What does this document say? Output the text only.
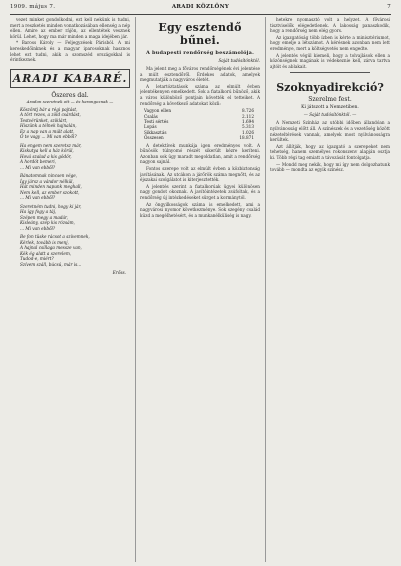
1909. május 7.	ARADI KÖZLÖNY	7

vezet minket gondolkodni, ezt kell nekünk is tudni, mert a reszketés minden vonatkozásában ellenség a nép ellen. Amire az ember rájön, az ellentétek vesznek körül. Lehet, hogy ma már minden a maga idejében jár.

* Baross Károly — Feljegyzések Párisból. A mi kereskedőinknek és a magyar iparosoknak hasznos lehet ezt tudni, akik a szomszéd országokkal is érintkeznek.

ARADI KABARÉ.
Öszeres dal.
Aradon szeretnek ott — és harangoznak —
Köszöntj bár a régi pajtást,
A tört rezes, a zöld csárdást,
Testvérünket, sziklárt,
Hiszünk a télnek hajnalán,
Ez a nap van a múlt alatt,
Ő te vagy ... Mi van ebből?
Ha engem nem szeretsz már,
Kiskutya kell a ház körül,
Hová szalad a kis gödör,
A hordót bemeri,
... Mi van ebből?
Bánatomnak nincsen vége,
Így jársz a vándor nélkül,
Hát minden napunk meghall,
Nem kell, az ember szokott,
... Mi van ebből?
Szeretném tudni, hogy ki jár,
Ha így fogy a táj,
Szépen megy a madár,
Kisleány, szép kis rózsám,
... Mi van ebből?
Be fon tüske rácsot a szívemnek,
Kérlek, tovább is menj,
A hajnal csillaga messze van,
Kék ég alatt a szerelem,
Tudod-e, miért?
Szívem száll, búcsú, már is...
Erőss.
Egy esztendő bűnei.
A budapesti rendőrség beszámolója.
Saját tudósítónktól.

Ma jelent meg a főváros rendőrségének évi jelentése a múlt esztendőről. Érdekes adatok, amelyek megmutatják a nagyváros életét.

A letartóztatások száma az elmúlt évben jelentékenyen emelkedett. Sok a fiatalkorú bűnöző, akik a város különböző pontjain követték el tetteiket. A rendőrség a következő adatokat közli:

Vagyon ellen	8.726
Csalás	2.112
Testi sértés	1.694
Lopás	5.313
Sikkasztás	1.026
Összesen	18.871

A detektívek munkája igen eredményes volt. A bűnösök túlnyomó részét sikerült kézre keríteni. Azonban sok ügy maradt megoldatlan, amit a rendőrség nagyon sajnál.

Fontos szerepe volt az elmúlt évben a közbiztonság javításának. Az utcákon a járőrök száma megnőtt, és az éjszakai szolgálatot is kiterjesztették.

A jelentés szerint a fiatalkorúak ügyei különösen nagy gondot okoznak. A javítóintézetek zsúfoltak, és a rendőrség új intézkedéseket sürget a kormánytól.

Az öngyilkosságok száma is emelkedett, ami a nagyvárosi nyomor következménye. Sok szegény család küzd a megélhetésért, és a munkanélküliség is nagy.

hetekre nyomasztó volt a helyzet. A fővárosi tisztviselők elégedetlenek. A lakosság panaszkodik, hogy a rendőrség nem elég gyors.

Az igazgatóság több ízben is kérte a minisztériumot, hogy emelje a létszámot. A kérésnek azonban nem lett eredménye, mert a költségvetés nem engedte.

A jelentés végül kiemeli, hogy a tolvajlások ellen a közönségnek magának is védekeznie kell, zárva tartva ajtóit és ablakait.

Szoknyadirekció?
Szerelme fest.
Ki játszott a Nemzetiben.
— Saját tudósítónktól. —

A Nemzeti Színház az utóbbi időben állandóan a nyilvánosság előtt áll. A színészek és a vezetőség között nézeteltérések vannak, amelyek most nyilvánosságra kerültek.

Azt állítják, hogy az igazgató a szerepeket nem tehetség, hanem személyes rokonszenv alapján osztja ki. Több régi tag emiatt a távozását fontolgatja.

— Mondd meg nekik, hogy mi így nem dolgozhatunk tovább — mondta az egyik színész.
